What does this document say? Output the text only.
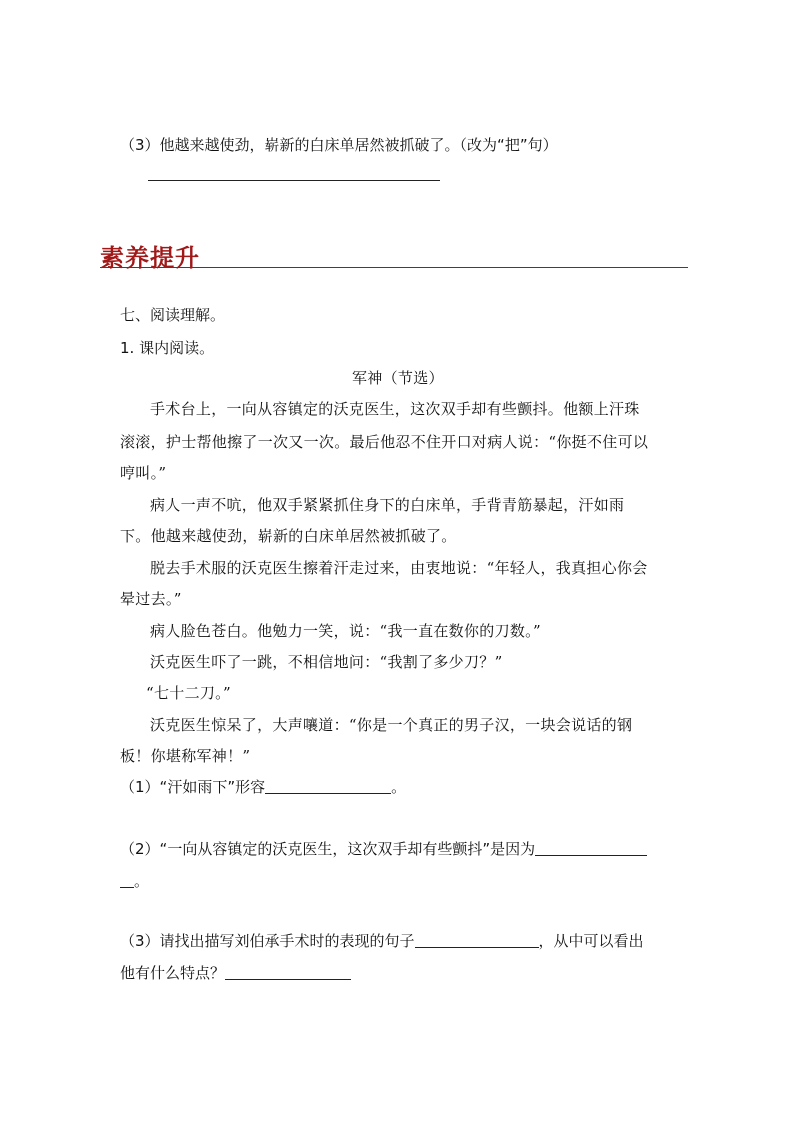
（3）他越来越使劲，崭新的白床单居然被抓破了。（改为“把”句）
素养提升
七、阅读理解。
1. 课内阅读。
军神（节选）
手术台上，一向从容镇定的沃克医生，这次双手却有些颤抖。他额上汗珠
滚滚，护士帮他擦了一次又一次。最后他忍不住开口对病人说：“你挺不住可以
哼叫。”
病人一声不吭，他双手紧紧抓住身下的白床单，手背青筋暴起，汗如雨
下。他越来越使劲，崭新的白床单居然被抓破了。
脱去手术服的沃克医生擦着汗走过来，由衷地说：“年轻人，我真担心你会
晕过去。”
病人脸色苍白。他勉力一笑，说：“我一直在数你的刀数。”
沃克医生吓了一跳，不相信地问：“我割了多少刀？”
“七十二刀。”
沃克医生惊呆了，大声嚷道：“你是一个真正的男子汉，一块会说话的钢
板！你堪称军神！”
（1）“汗如雨下”形容	。
（2）“一向从容镇定的沃克医生，这次双手却有些颤抖”是因为
。
（3）请找出描写刘伯承手术时的表现的句子	，从中可以看出
他有什么特点？
